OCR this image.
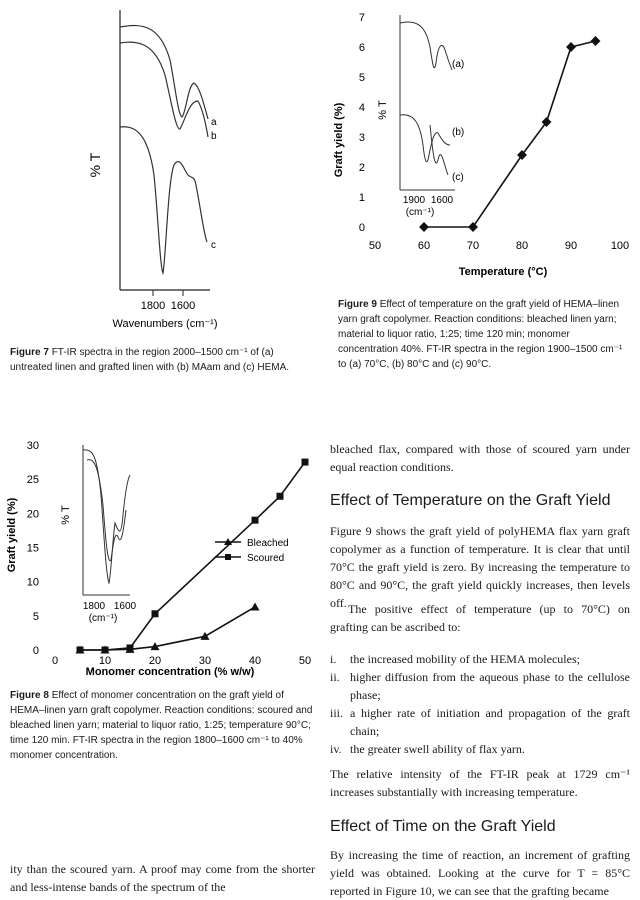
a
b
c
% T
1800 1600
Wavenumbers (cm⁻¹)
Figure 7 FT-IR spectra in the region 2000–1500 cm⁻¹ of (a) untreated linen and grafted linen with (b) MAam and (c) HEMA.
Graft yield (%)
Temperature (°C)
(a)
(b)
(c)
% T
1900 1600
(cm⁻¹)
0
1
2
3
4
5
6
7
50	60	70	80	90	100
Figure 9 Effect of temperature on the graft yield of HEMA–linen yarn graft copolymer. Reaction conditions: bleached linen yarn; material to liquor ratio, 1:25; time 120 min; monomer concentration 40%. FT-IR spectra in the region 1900–1500 cm⁻¹ to (a) 70°C, (b) 80°C and (c) 90°C.
Graft yield (%)
Monomer concentration (% w/w)
% T
1800 1600
(cm⁻¹)
0
5
10
15
20
25
30
0	10	20	30	40	50
Bleached
Scoured
Figure 8 Effect of monomer concentration on the graft yield of HEMA–linen yarn graft copolymer. Reaction conditions: scoured and bleached linen yarn; material to liquor ratio, 1:25; temperature 90°C; time 120 min. FT-IR spectra in the region 1800–1600 cm⁻¹ to 40% monomer concentration.
ity than the scoured yarn. A proof may come from the shorter and less-intense bands of the spectrum of the
bleached flax, compared with those of scoured yarn under equal reaction conditions.
Effect of Temperature on the Graft Yield
Figure 9 shows the graft yield of polyHEMA flax yarn graft copolymer as a function of temperature. It is clear that until 70°C the graft yield is zero. By increasing the temperature to 80°C and 90°C, the graft yield quickly increases, then levels off. The positive effect of temperature (up to 70°C) on grafting can be ascribed to:
i.	the increased mobility of the HEMA molecules;
ii. higher diffusion from the aqueous phase to the cellulose phase;
iii. a higher rate of initiation and propagation of the graft chain;
iv. the greater swell ability of flax yarn.
The relative intensity of the FT-IR peak at 1729 cm⁻¹ increases substantially with increasing temperature.
Effect of Time on the Graft Yield
By increasing the time of reaction, an increment of grafting yield was obtained. Looking at the curve for T = 85°C reported in Figure 10, we can see that the grafting became
